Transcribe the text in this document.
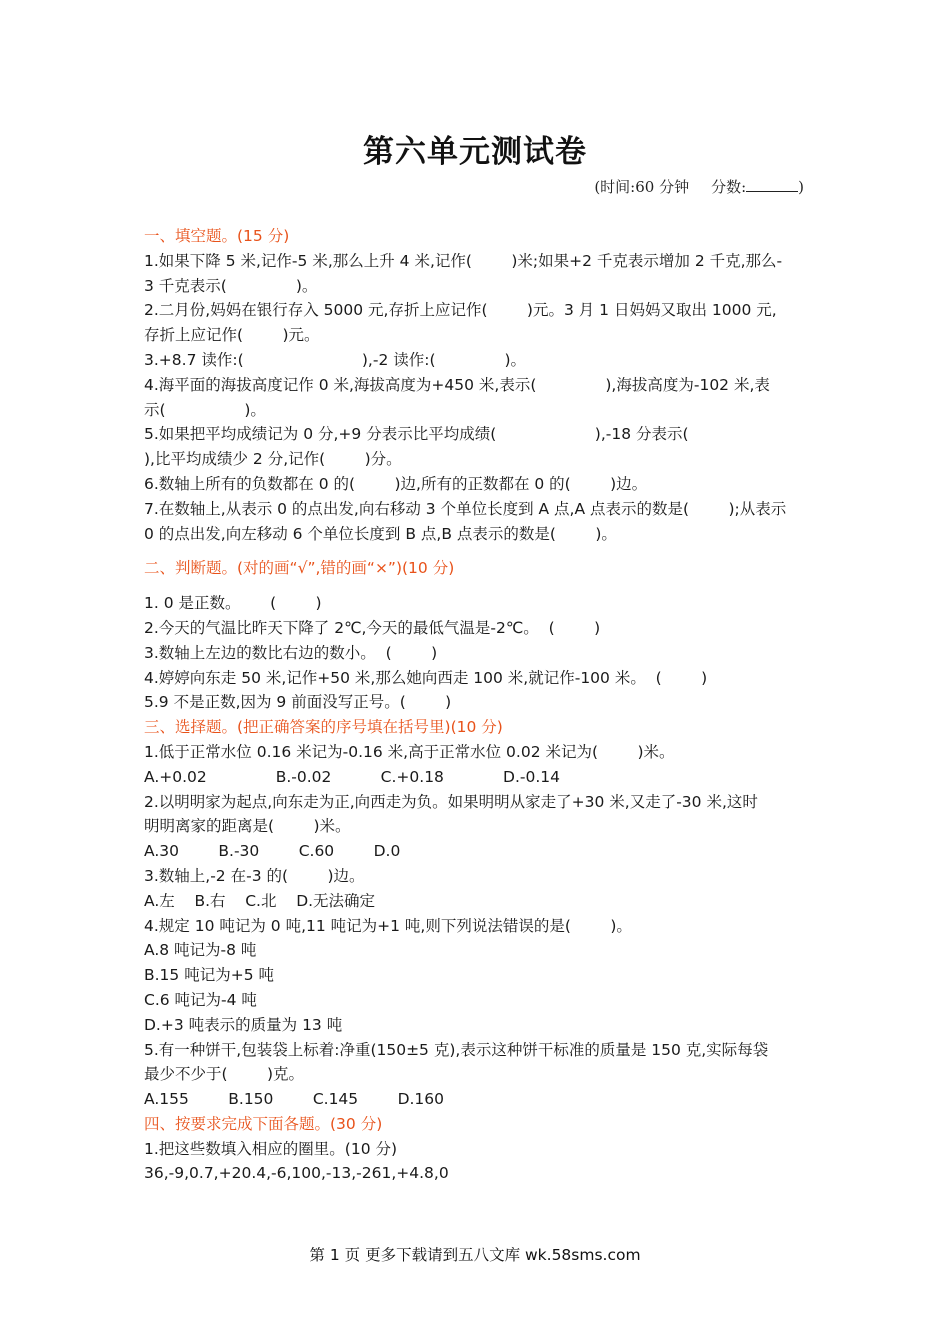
第六单元测试卷
(时间:60 分钟 分数:	)
一、填空题。(15 分)
1.如果下降 5 米,记作-5 米,那么上升 4 米,记作(        )米;如果+2 千克表示增加 2 千克,那么-
3 千克表示(              )。
2.二月份,妈妈在银行存入 5000 元,存折上应记作(        )元。3 月 1 日妈妈又取出 1000 元,
存折上应记作(        )元。
3.+8.7 读作:(                        ),-2 读作:(              )。
4.海平面的海拔高度记作 0 米,海拔高度为+450 米,表示(              ),海拔高度为-102 米,表
示(                )。
5.如果把平均成绩记为 0 分,+9 分表示比平均成绩(                    ),-18 分表示(
),比平均成绩少 2 分,记作(        )分。
6.数轴上所有的负数都在 0 的(        )边,所有的正数都在 0 的(        )边。
7.在数轴上,从表示 0 的点出发,向右移动 3 个单位长度到 A 点,A 点表示的数是(        );从表示
0 的点出发,向左移动 6 个单位长度到 B 点,B 点表示的数是(        )。
二、判断题。(对的画“√”,错的画“×”)(10 分)
1. 0 是正数。      (        )
2.今天的气温比昨天下降了 2℃,今天的最低气温是-2℃。  (        )
3.数轴上左边的数比右边的数小。  (        )
4.婷婷向东走 50 米,记作+50 米,那么她向西走 100 米,就记作-100 米。  (        )
5.9 不是正数,因为 9 前面没写正号。(        )
三、选择题。(把正确答案的序号填在括号里)(10 分)
1.低于正常水位 0.16 米记为-0.16 米,高于正常水位 0.02 米记为(        )米。
A.+0.02              B.-0.02          C.+0.18            D.-0.14
2.以明明家为起点,向东走为正,向西走为负。如果明明从家走了+30 米,又走了-30 米,这时
明明离家的距离是(        )米。
A.30        B.-30        C.60        D.0
3.数轴上,-2 在-3 的(        )边。
A.左    B.右    C.北    D.无法确定
4.规定 10 吨记为 0 吨,11 吨记为+1 吨,则下列说法错误的是(        )。
A.8 吨记为-8 吨
B.15 吨记为+5 吨
C.6 吨记为-4 吨
D.+3 吨表示的质量为 13 吨
5.有一种饼干,包装袋上标着:净重(150±5 克),表示这种饼干标准的质量是 150 克,实际每袋
最少不少于(        )克。
A.155        B.150        C.145        D.160
四、按要求完成下面各题。(30 分)
1.把这些数填入相应的圈里。(10 分)
36,-9,0.7,+20.4,-6,100,-13,-261,+4.8,0
第 1 页 更多下载请到五八文库 wk.58sms.com
